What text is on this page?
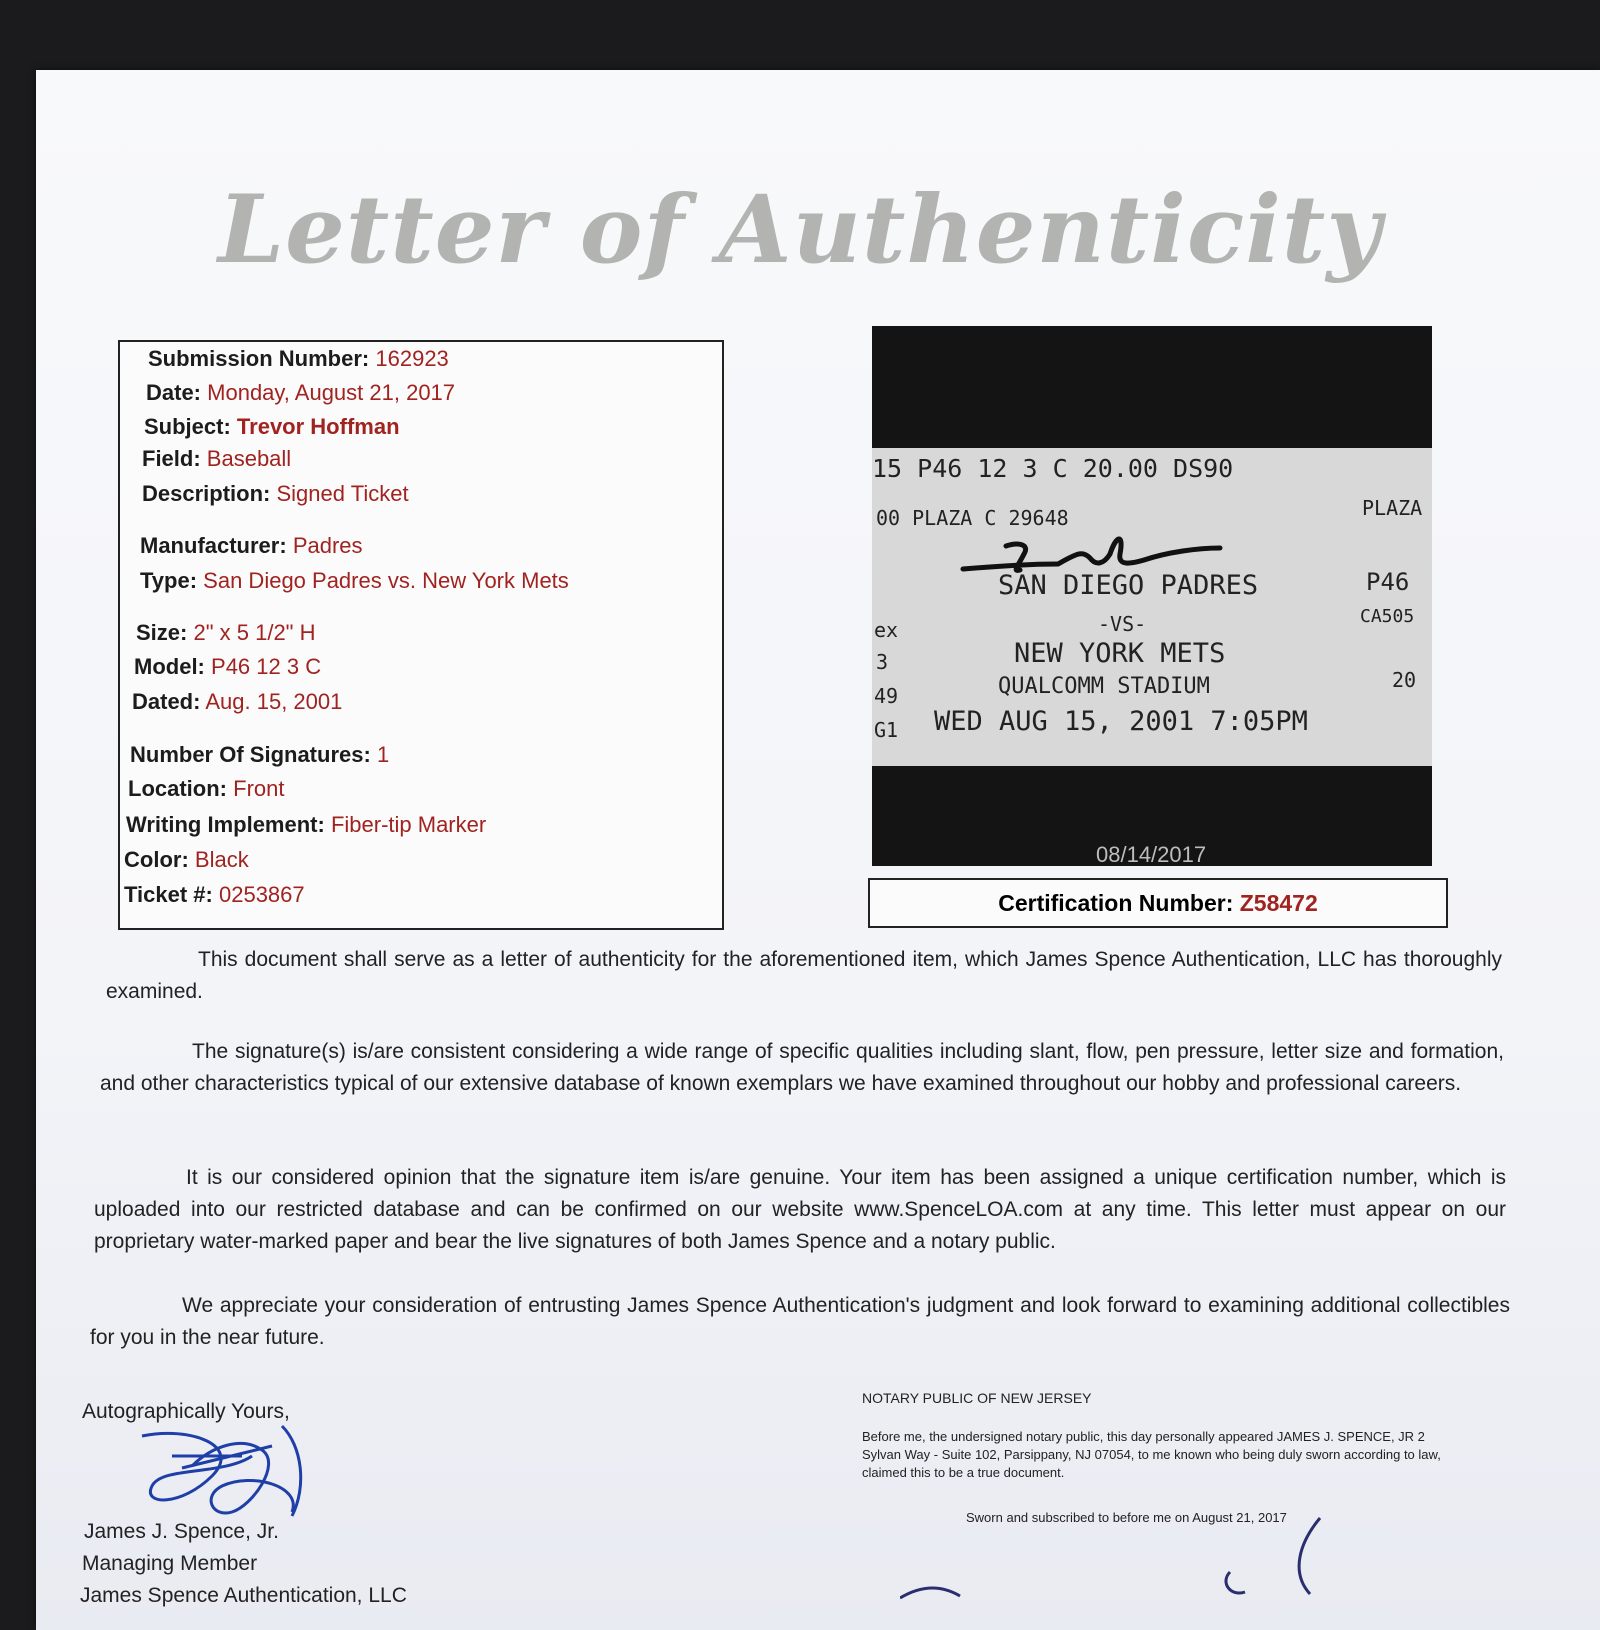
Letter of Authenticity
Submission Number: 162923
Date: Monday, August 21, 2017
Subject: Trevor Hoffman
Field: Baseball
Description: Signed Ticket
Manufacturer: Padres
Type: San Diego Padres vs. New York Mets
Size: 2" x 5 1/2" H
Model: P46 12 3 C
Dated: Aug. 15, 2001
Number Of Signatures: 1
Location: Front
Writing Implement: Fiber-tip Marker
Color: Black
Ticket #: 0253867
15 P46 12 3 C 20.00 DS90
00 PLAZA C 29648	PLAZA
SAN DIEGO PADRES
-VS-
NEW YORK METS
QUALCOMM STADIUM
WED AUG 15, 2001 7:05PM
ex
3
49
G1
P46
CA505
20
08/14/2017
Certification Number: Z58472
This document shall serve as a letter of authenticity for the aforementioned item, which James Spence Authentication, LLC has thoroughly examined.
The signature(s) is/are consistent considering a wide range of specific qualities including slant, flow, pen pressure, letter size and formation, and other characteristics typical of our extensive database of known exemplars we have examined throughout our hobby and professional careers.
It is our considered opinion that the signature item is/are genuine. Your item has been assigned a unique certification number, which is uploaded into our restricted database and can be confirmed on our website www.SpenceLOA.com at any time. This letter must appear on our proprietary water-marked paper and bear the live signatures of both James Spence and a notary public.
We appreciate your consideration of entrusting James Spence Authentication's judgment and look forward to examining additional collectibles for you in the near future.
Autographically Yours,
James J. Spence, Jr.
Managing Member
James Spence Authentication, LLC
NOTARY PUBLIC OF NEW JERSEY
Before me, the undersigned notary public, this day personally appeared JAMES J. SPENCE, JR 2 Sylvan Way - Suite 102, Parsippany, NJ 07054, to me known who being duly sworn according to law, claimed this to be a true document.
Sworn and subscribed to before me on August 21, 2017
